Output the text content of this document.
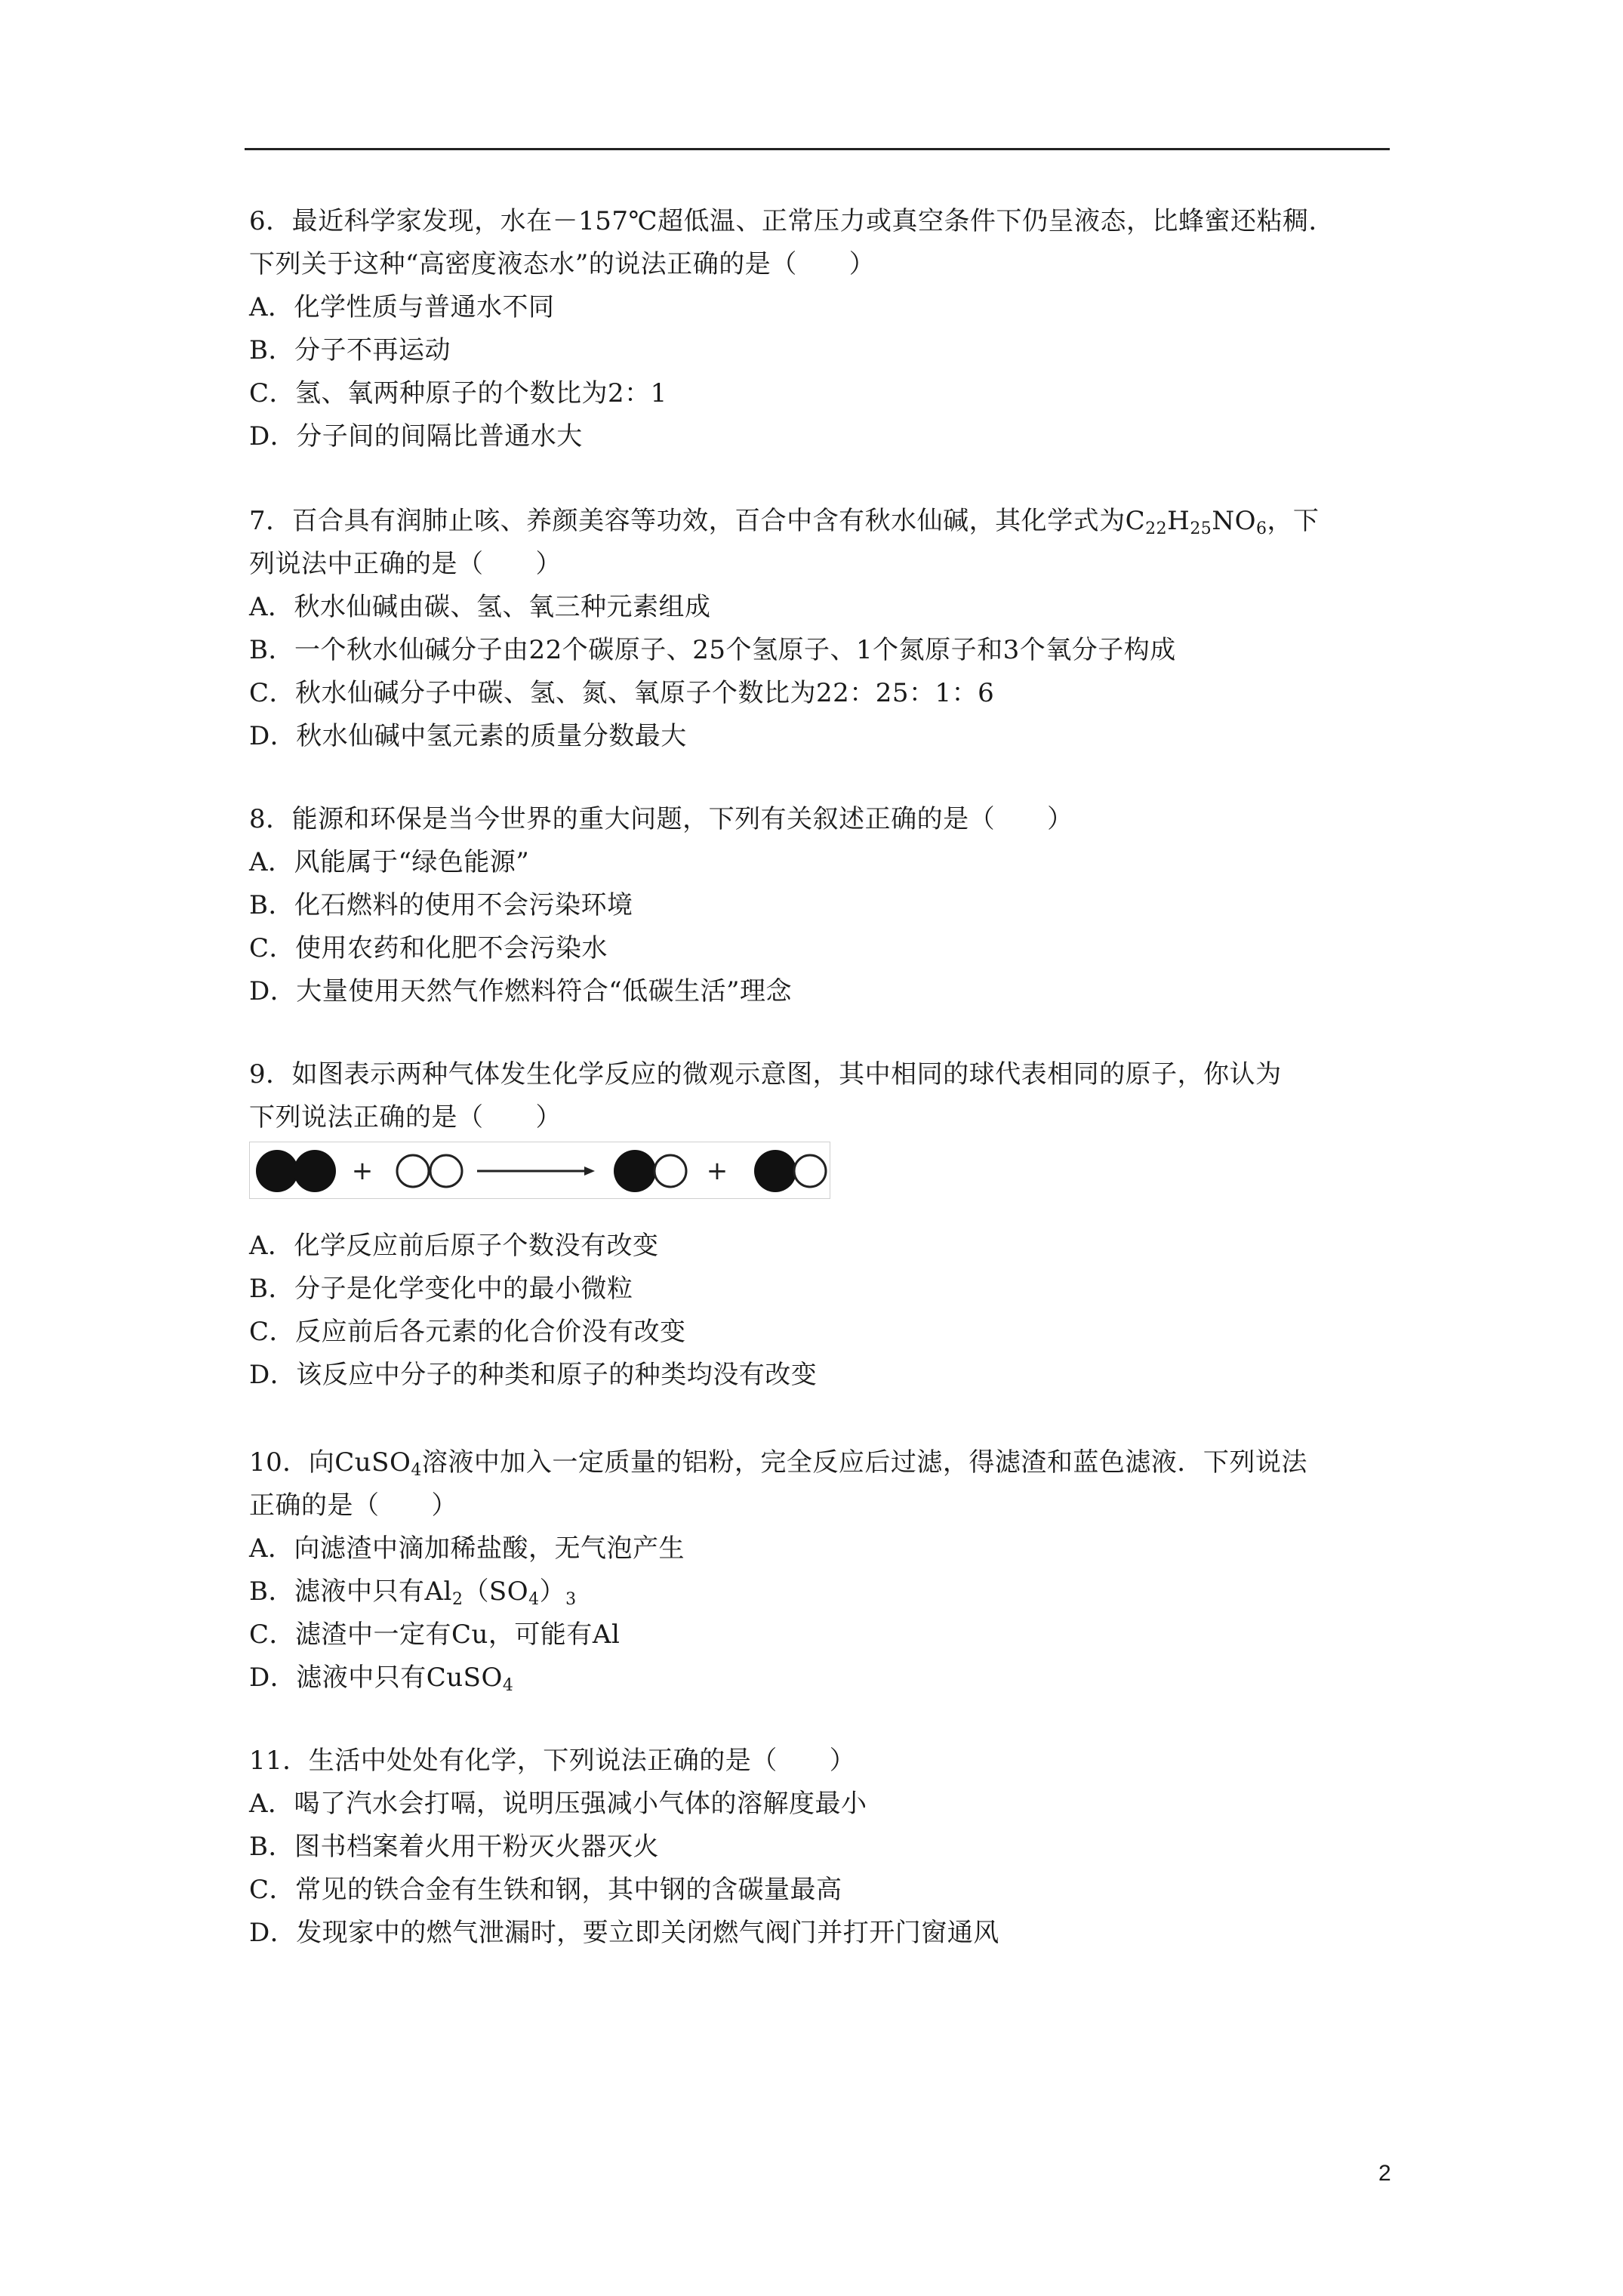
6．最近科学家发现，水在－157℃超低温、正常压力或真空条件下仍呈液态，比蜂蜜还粘稠．
下列关于这种“高密度液态水”的说法正确的是（　　）
A．化学性质与普通水不同
B．分子不再运动
C．氢、氧两种原子的个数比为2：1
D．分子间的间隔比普通水大
7．百合具有润肺止咳、养颜美容等功效，百合中含有秋水仙碱，其化学式为$C_{22}H_{25}NO_6$，下
列说法中正确的是（　　）
A．秋水仙碱由碳、氢、氧三种元素组成
B．一个秋水仙碱分子由22个碳原子、25个氢原子、1个氮原子和3个氧分子构成
C．秋水仙碱分子中碳、氢、氮、氧原子个数比为22：25：1：6
D．秋水仙碱中氢元素的质量分数最大
8．能源和环保是当今世界的重大问题，下列有关叙述正确的是（　　）
A．风能属于“绿色能源”
B．化石燃料的使用不会污染环境
C．使用农药和化肥不会污染水
D．大量使用天然气作燃料符合“低碳生活”理念
9．如图表示两种气体发生化学反应的微观示意图，其中相同的球代表相同的原子，你认为
下列说法正确的是（　　）
+	+
A．化学反应前后原子个数没有改变
B．分子是化学变化中的最小微粒
C．反应前后各元素的化合价没有改变
D．该反应中分子的种类和原子的种类均没有改变
10．向CuSO$_4$溶液中加入一定质量的铝粉，完全反应后过滤，得滤渣和蓝色滤液．下列说法
正确的是（　　）
A．向滤渣中滴加稀盐酸，无气泡产生
B．滤液中只有$Al_2(SO_4)_3$
C．滤渣中一定有Cu，可能有Al
D．滤液中只有CuSO$_4$
11．生活中处处有化学，下列说法正确的是（　　）
A．喝了汽水会打嗝，说明压强减小气体的溶解度最小
B．图书档案着火用干粉灭火器灭火
C．常见的铁合金有生铁和钢，其中钢的含碳量最高
D．发现家中的燃气泄漏时，要立即关闭燃气阀门并打开门窗通风
2
